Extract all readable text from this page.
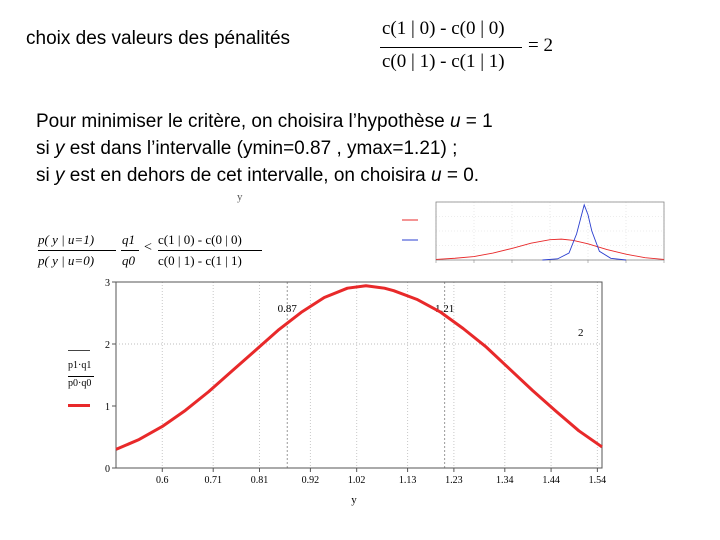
choix des valeurs des pénalités	c(1 | 0) - c(0 | 0)
c(0 | 1) - c(1 | 1)
= 2
Pour minimiser le critère, on choisira l’hypothèse u = 1
si y est dans l’intervalle (ymin=0.87 , ymax=1.21) ;
si y est en dehors de cet intervalle, on choisira u = 0.
y
p( y | u=1)
p( y | u=0)
q1
q0
<
c(1 | 0) - c(0 | 0)
c(0 | 1) - c(1 | 1)
p1·q1
p0·q0
0.87	1.21
0.6	0.71	0.81	0.92	1.02	1.13	1.23	1.34	1.44	1.54
0
1
2
3
y
2
